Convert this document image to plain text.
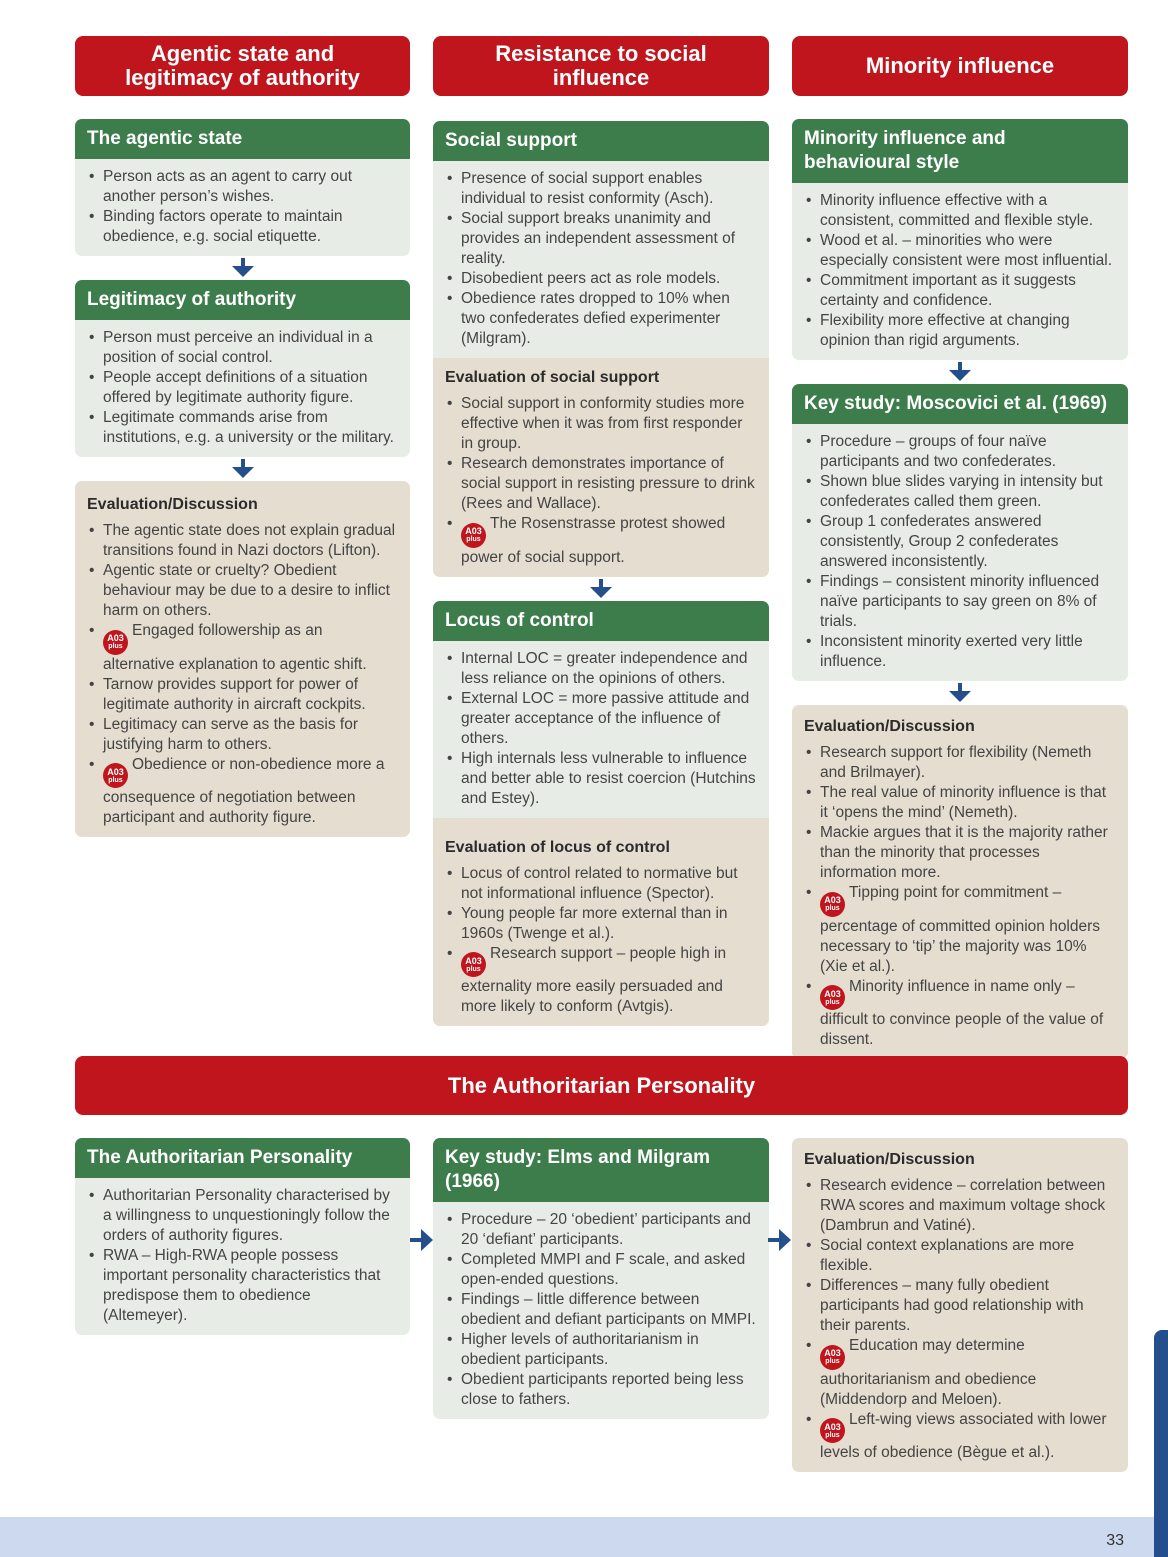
Agentic state and legitimacy of authority
The agentic state
• Person acts as an agent to carry out another person’s wishes.
• Binding factors operate to maintain obedience, e.g. social etiquette.
Legitimacy of authority
• Person must perceive an individual in a position of social control.
• People accept definitions of a situation offered by legitimate authority figure.
• Legitimate commands arise from institutions, e.g. a university or the military.
Evaluation/Discussion
• The agentic state does not explain gradual transitions found in Nazi doctors (Lifton).
• Agentic state or cruelty? Obedient behaviour may be due to a desire to inflict harm on others.
• A03
plus
Engaged followership as an alternative explanation to agentic shift.
• Tarnow provides support for power of legitimate authority in aircraft cockpits.
• Legitimacy can serve as the basis for justifying harm to others.
• A03
plus
Obedience or non-obedience more a consequence of negotiation between participant and authority figure.
Resistance to social influence
Social support
• Presence of social support enables individual to resist conformity (Asch).
• Social support breaks unanimity and provides an independent assessment of reality.
• Disobedient peers act as role models.
• Obedience rates dropped to 10% when two confederates defied experimenter (Milgram).
Evaluation of social support
• Social support in conformity studies more effective when it was from first responder in group.
• Research demonstrates importance of social support in resisting pressure to drink (Rees and Wallace).
• A03
plus
The Rosenstrasse protest showed power of social support.
Locus of control
• Internal LOC = greater independence and less reliance on the opinions of others.
• External LOC = more passive attitude and greater acceptance of the influence of others.
• High internals less vulnerable to influence and better able to resist coercion (Hutchins and Estey).
Evaluation of locus of control
• Locus of control related to normative but not informational influence (Spector).
• Young people far more external than in 1960s (Twenge et al.).
• A03
plus
Research support – people high in externality more easily persuaded and more likely to conform (Avtgis).
Minority influence
Minority influence and behavioural style
• Minority influence effective with a consistent, committed and flexible style.
• Wood et al. – minorities who were especially consistent were most influential.
• Commitment important as it suggests certainty and confidence.
• Flexibility more effective at changing opinion than rigid arguments.
Key study: Moscovici et al. (1969)
• Procedure – groups of four naïve participants and two confederates.
• Shown blue slides varying in intensity but confederates called them green.
• Group 1 confederates answered consistently, Group 2 confederates answered inconsistently.
• Findings – consistent minority influenced naïve participants to say green on 8% of trials.
• Inconsistent minority exerted very little influence.
Evaluation/Discussion
• Research support for flexibility (Nemeth and Brilmayer).
• The real value of minority influence is that it ‘opens the mind’ (Nemeth).
• Mackie argues that it is the majority rather than the minority that processes information more.
• A03
plus
Tipping point for commitment – percentage of committed opinion holders necessary to ‘tip’ the majority was 10% (Xie et al.).
• A03
plus
Minority influence in name only – difficult to convince people of the value of dissent.
The Authoritarian Personality
The Authoritarian Personality
• Authoritarian Personality characterised by a willingness to unquestioningly follow the orders of authority figures.
• RWA – High-RWA people possess important personality characteristics that predispose them to obedience (Altemeyer).
Key study: Elms and Milgram (1966)
• Procedure – 20 ‘obedient’ participants and 20 ‘defiant’ participants.
• Completed MMPI and F scale, and asked open-ended questions.
• Findings – little difference between obedient and defiant participants on MMPI.
• Higher levels of authoritarianism in obedient participants.
• Obedient participants reported being less close to fathers.
Evaluation/Discussion
• Research evidence – correlation between RWA scores and maximum voltage shock (Dambrun and Vatiné).
• Social context explanations are more flexible.
• Differences – many fully obedient participants had good relationship with their parents.
• A03
plus
Education may determine authoritarianism and obedience (Middendorp and Meloen).
• A03
plus
Left-wing views associated with lower levels of obedience (Bègue et al.).
33
